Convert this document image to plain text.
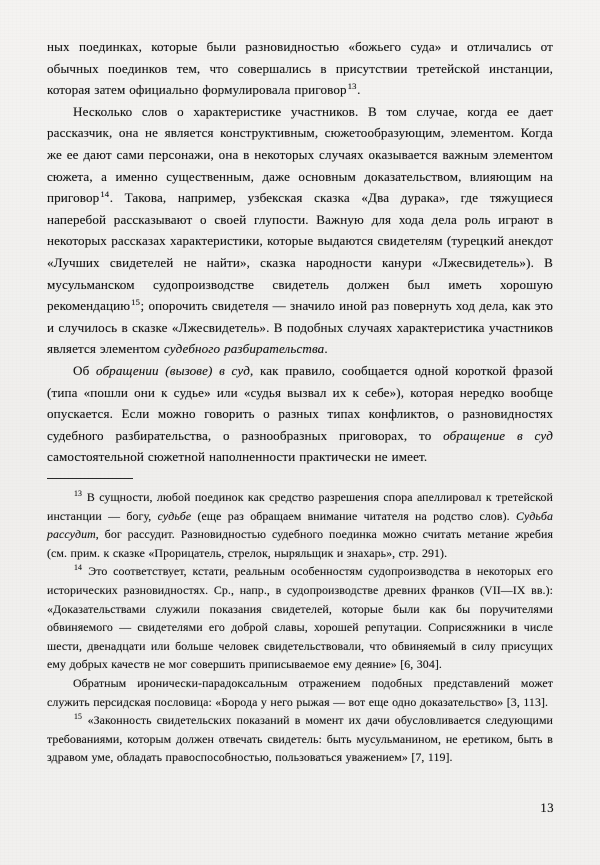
ных поединках, которые были разновидностью «божьего суда» и отличались от обычных поединков тем, что совершались в присутствии третейской инстанции, которая затем официально формулировала приговор$^{13}$.

Несколько слов о характеристике участников. В том случае, когда ее дает рассказчик, она не является конструктивным, сюжетообразующим, элементом. Когда же ее дают сами персонажи, она в некоторых случаях оказывается важным элементом сюжета, а именно существенным, даже основным доказательством, влияющим на приговор$^{14}$. Такова, например, узбекская сказка «Два дурака», где тяжущиеся наперебой рассказывают о своей глупости. Важную для хода дела роль играют в некоторых рассказах характеристики, которые выдаются свидетелям (турецкий анекдот «Лучших свидетелей не найти», сказка народности канури «Лжесвидетель»). В мусульманском судопроизводстве свидетель должен был иметь хорошую рекомендацию$^{15}$; опорочить свидетеля — значило иной раз повернуть ход дела, как это и случилось в сказке «Лжесвидетель». В подобных случаях характеристика участников является элементом судебного разбирательства.

Об обращении (вызове) в суд, как правило, сообщается одной короткой фразой (типа «пошли они к судье» или «судья вызвал их к себе»), которая нередко вообще опускается. Если можно говорить о разных типах конфликтов, о разновидностях судебного разбирательства, о разнообразных приговорах, то обращение в суд самостоятельной сюжетной наполненности практически не имеет.

$^{13}$ В сущности, любой поединок как средство разрешения спора апеллировал к третейской инстанции — богу, судьбе (еще раз обращаем внимание читателя на родство слов). Судьба рассудит, бог рассудит. Разновидностью судебного поединка можно считать метание жребия (см. прим. к сказке «Прорицатель, стрелок, ныряльщик и знахарь», стр. 291).

$^{14}$ Это соответствует, кстати, реальным особенностям судопроизводства в некоторых его исторических разновидностях. Ср., напр., в судопроизводстве древних франков (VII—IX вв.): «Доказательствами служили показания свидетелей, которые были как бы поручителями обвиняемого — свидетелями его доброй славы, хорошей репутации. Соприсяжники в числе шести, двенадцати или больше человек свидетельствовали, что обвиняемый в силу присущих ему добрых качеств не мог совершить приписываемое ему деяние» [6, 304].

Обратным иронически-парадоксальным отражением подобных представлений может служить персидская пословица: «Борода у него рыжая — вот еще одно доказательство» [3, 113].

$^{15}$ «Законность свидетельских показаний в момент их дачи обусловливается следующими требованиями, которым должен отвечать свидетель: быть мусульманином, не еретиком, быть в здравом уме, обладать правоспособностью, пользоваться уважением» [7, 119].

13
